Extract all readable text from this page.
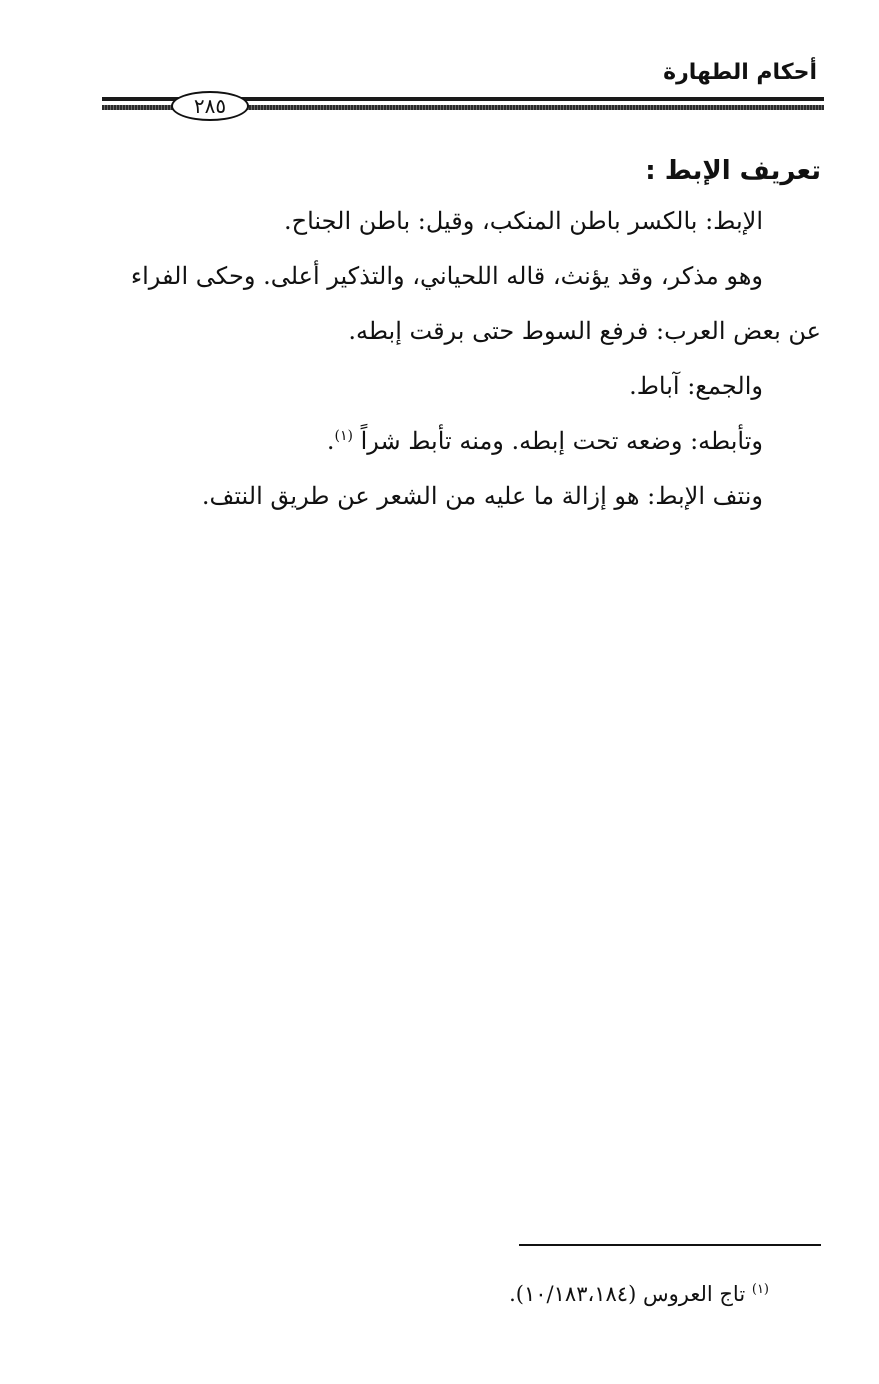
أحكام الطهارة
٢٨٥
تعريف الإبط :

الإبط: بالكسر باطن المنكب، وقيل: باطن الجناح.

وهو مذكر، وقد يؤنث، قاله اللحياني، والتذكير أعلى. وحكى الفراء

عن بعض العرب: فرفع السوط حتى برقت إبطه.

والجمع: آباط.

وتأبطه: وضعه تحت إبطه. ومنه تأبط شراً $^{(١)}$.

ونتف الإبط: هو إزالة ما عليه من الشعر عن طريق النتف.

$^{(١)}$ تاج العروس (١٠/١٨٣،١٨٤).
